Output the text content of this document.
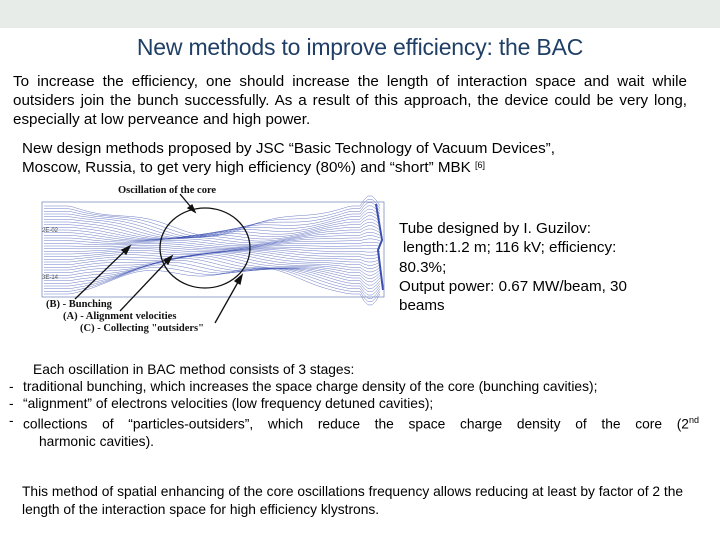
New methods to improve efficiency: the BAC
To increase the efficiency, one should increase the length of interaction space and wait while outsiders join the bunch successfully. As a result of this approach, the device could be very long, especially at low perveance and high power.
New design methods proposed by JSC “Basic Technology of Vacuum Devices”,
Moscow, Russia, to get very high efficiency (80%) and “short” MBK [6]
2E-02
3E-14
Oscillation of the core
(B) - Bunching
(A) - Alignment velocities
(C) - Collecting "outsiders"
Tube designed by I. Guzilov:
length:1.2 m; 116 kV; efficiency:
80.3%;
Output power: 0.67 MW/beam, 30
beams
Each oscillation in BAC method consists of 3 stages:
- traditional bunching, which increases the space charge density of the core (bunching cavities);
- “alignment” of electrons velocities (low frequency detuned cavities);
- collections of “particles-outsiders”, which reduce the space charge density of the core (2nd
harmonic cavities).
This method of spatial enhancing of the core oscillations frequency allows reducing at least by factor of 2 the length of the interaction space for high efficiency klystrons.
